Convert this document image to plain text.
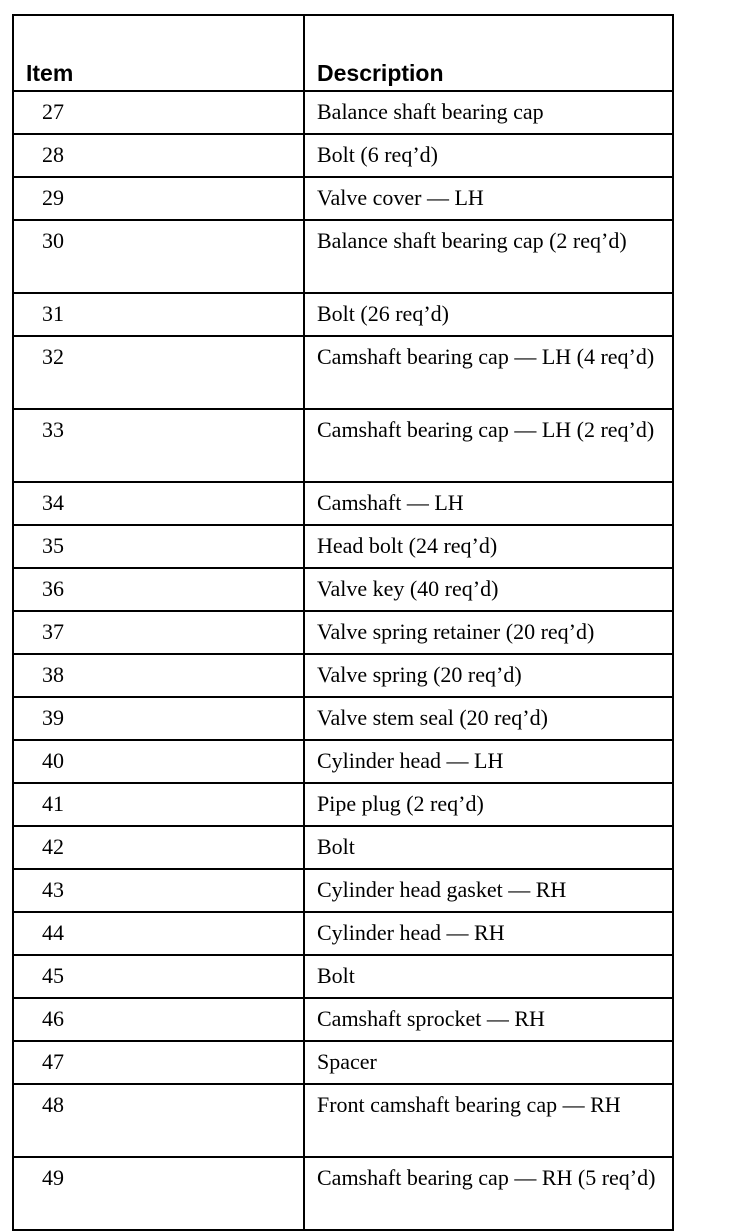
Item	Description
27	Balance shaft bearing cap
28	Bolt (6 req’d)
29	Valve cover — LH
30	Balance shaft bearing cap (2 req’d)
31	Bolt (26 req’d)
32	Camshaft bearing cap — LH (4 req’d)
33	Camshaft bearing cap — LH (2 req’d)
34	Camshaft — LH
35	Head bolt (24 req’d)
36	Valve key (40 req’d)
37	Valve spring retainer (20 req’d)
38	Valve spring (20 req’d)
39	Valve stem seal (20 req’d)
40	Cylinder head — LH
41	Pipe plug (2 req’d)
42	Bolt
43	Cylinder head gasket — RH
44	Cylinder head — RH
45	Bolt
46	Camshaft sprocket — RH
47	Spacer
48	Front camshaft bearing cap — RH
49	Camshaft bearing cap — RH (5 req’d)
